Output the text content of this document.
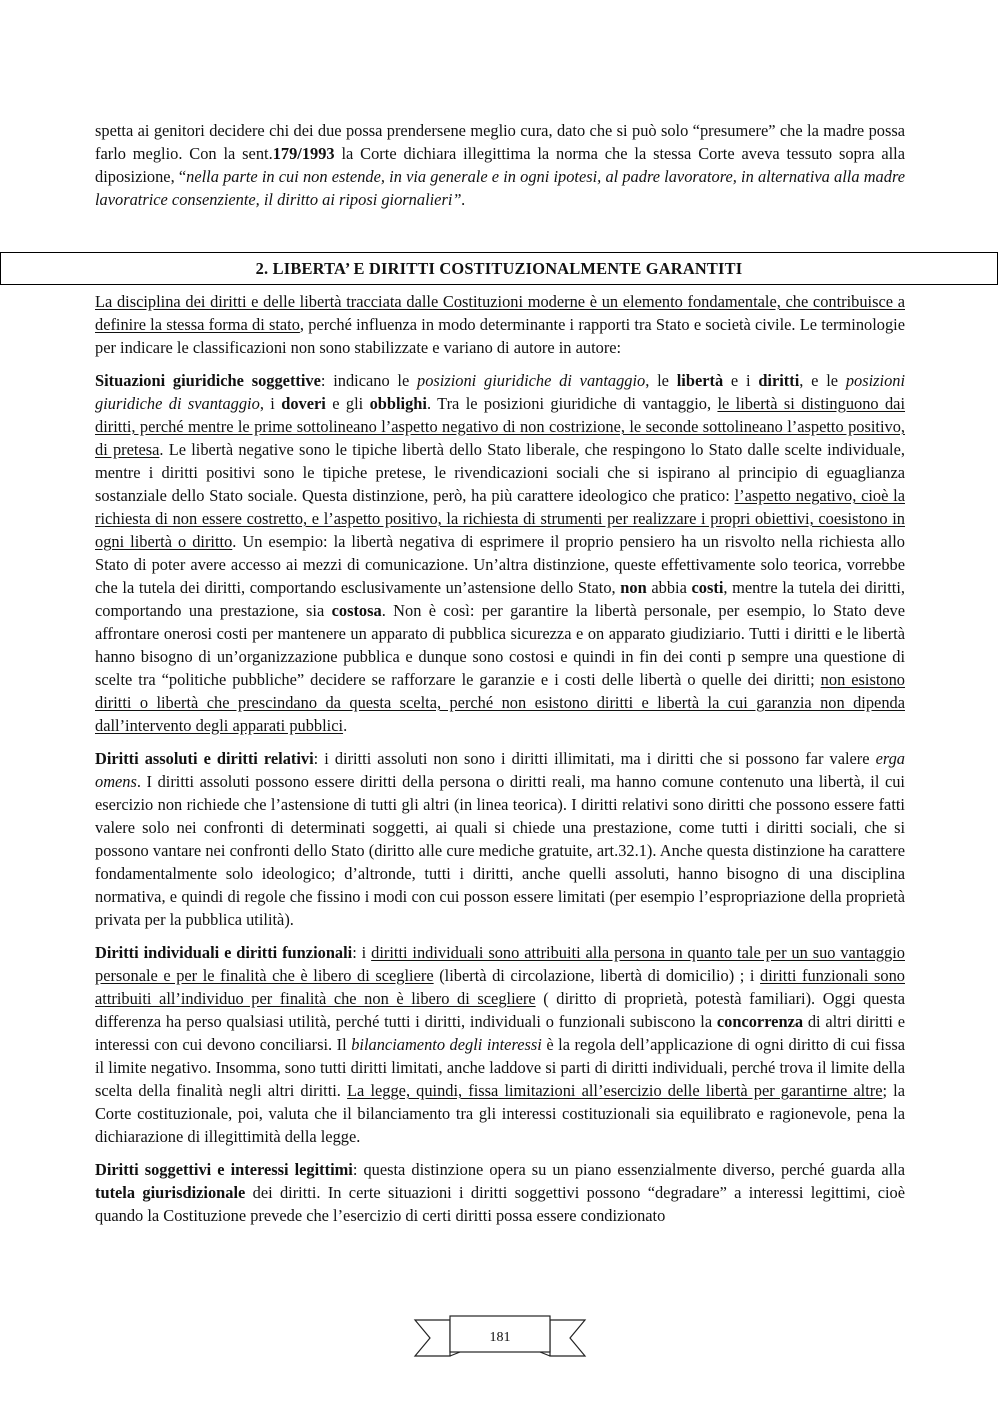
spetta ai genitori decidere chi dei due possa prendersene meglio cura, dato che si può solo “presumere” che la madre possa farlo meglio. Con la sent.179/1993 la Corte dichiara illegittima la norma che la stessa Corte aveva tessuto sopra alla diposizione, “nella parte in cui non estende, in via generale e in ogni ipotesi, al padre lavoratore, in alternativa alla madre lavoratrice consenziente, il diritto ai riposi giornalieri”.

2. LIBERTA’ E DIRITTI COSTITUZIONALMENTE GARANTITI

La disciplina dei diritti e delle libertà tracciata dalle Costituzioni moderne è un elemento fondamentale, che contribuisce a definire la stessa forma di stato, perché influenza in modo determinante i rapporti tra Stato e società civile. Le terminologie per indicare le classificazioni non sono stabilizzate e variano di autore in autore:

Situazioni giuridiche soggettive: indicano le posizioni giuridiche di vantaggio, le libertà e i diritti, e le posizioni giuridiche di svantaggio, i doveri e gli obblighi. Tra le posizioni giuridiche di vantaggio, le libertà si distinguono dai diritti, perché mentre le prime sottolineano l’aspetto negativo di non costrizione, le seconde sottolineano l’aspetto positivo, di pretesa. Le libertà negative sono le tipiche libertà dello Stato liberale, che respingono lo Stato dalle scelte individuale, mentre i diritti positivi sono le tipiche pretese, le rivendicazioni sociali che si ispirano al principio di eguaglianza sostanziale dello Stato sociale. Questa distinzione, però, ha più carattere ideologico che pratico: l’aspetto negativo, cioè la richiesta di non essere costretto, e l’aspetto positivo, la richiesta di strumenti per realizzare i propri obiettivi, coesistono in ogni libertà o diritto. Un esempio: la libertà negativa di esprimere il proprio pensiero ha un risvolto nella richiesta allo Stato di poter avere accesso ai mezzi di comunicazione. Un’altra distinzione, queste effettivamente solo teorica, vorrebbe che la tutela dei diritti, comportando esclusivamente un’astensione dello Stato, non abbia costi, mentre la tutela dei diritti, comportando una prestazione, sia costosa. Non è così: per garantire la libertà personale, per esempio, lo Stato deve affrontare onerosi costi per mantenere un apparato di pubblica sicurezza e on apparato giudiziario. Tutti i diritti e le libertà hanno bisogno di un’organizzazione pubblica e dunque sono costosi e quindi in fin dei conti p sempre una questione di scelte tra “politiche pubbliche” decidere se rafforzare le garanzie e i costi delle libertà o quelle dei diritti; non esistono diritti o libertà che prescindano da questa scelta, perché non esistono diritti e libertà la cui garanzia non dipenda dall’intervento degli apparati pubblici.

Diritti assoluti e diritti relativi: i diritti assoluti non sono i diritti illimitati, ma i diritti che si possono far valere erga omens. I diritti assoluti possono essere diritti della persona o diritti reali, ma hanno comune contenuto una libertà, il cui esercizio non richiede che l’astensione di tutti gli altri (in linea teorica). I diritti relativi sono diritti che possono essere fatti valere solo nei confronti di determinati soggetti, ai quali si chiede una prestazione, come tutti i diritti sociali, che si possono vantare nei confronti dello Stato (diritto alle cure mediche gratuite, art.32.1). Anche questa distinzione ha carattere fondamentalmente solo ideologico; d’altronde, tutti i diritti, anche quelli assoluti, hanno bisogno di una disciplina normativa, e quindi di regole che fissino i modi con cui posson essere limitati (per esempio l’espropriazione della proprietà privata per la pubblica utilità).

Diritti individuali e diritti funzionali: i diritti individuali sono attribuiti alla persona in quanto tale per un suo vantaggio personale e per le finalità che è libero di scegliere (libertà di circolazione, libertà di domicilio) ; i diritti funzionali sono attribuiti all’individuo per finalità che non è libero di scegliere ( diritto di proprietà, potestà familiari). Oggi questa differenza ha perso qualsiasi utilità, perché tutti i diritti, individuali o funzionali subiscono la concorrenza di altri diritti e interessi con cui devono conciliarsi. Il bilanciamento degli interessi è la regola dell’applicazione di ogni diritto di cui fissa il limite negativo. Insomma, sono tutti diritti limitati, anche laddove si parti di diritti individuali, perché trova il limite della scelta della finalità negli altri diritti. La legge, quindi, fissa limitazioni all’esercizio delle libertà per garantirne altre; la Corte costituzionale, poi, valuta che il bilanciamento tra gli interessi costituzionali sia equilibrato e ragionevole, pena la dichiarazione di illegittimità della legge.

Diritti soggettivi e interessi legittimi: questa distinzione opera su un piano essenzialmente diverso, perché guarda alla tutela giurisdizionale dei diritti. In certe situazioni i diritti soggettivi possono “degradare” a interessi legittimi, cioè quando la Costituzione prevede che l’esercizio di certi diritti possa essere condizionato

181
